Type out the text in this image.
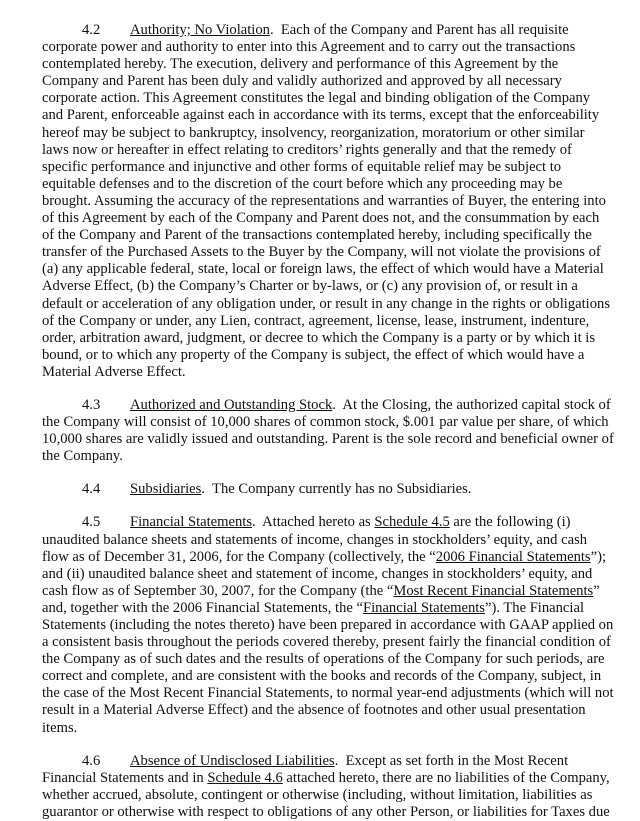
4.2 Authority; No Violation.  Each of the Company and Parent has all requisite corporate power and authority to enter into this Agreement and to carry out the transactions contemplated hereby. The execution, delivery and performance of this Agreement by the Company and Parent has been duly and validly authorized and approved by all necessary corporate action. This Agreement constitutes the legal and binding obligation of the Company and Parent, enforceable against each in accordance with its terms, except that the enforceability hereof may be subject to bankruptcy, insolvency, reorganization, moratorium or other similar laws now or hereafter in effect relating to creditors’ rights generally and that the remedy of specific performance and injunctive and other forms of equitable relief may be subject to equitable defenses and to the discretion of the court before which any proceeding may be brought. Assuming the accuracy of the representations and warranties of Buyer, the entering into of this Agreement by each of the Company and Parent does not, and the consummation by each of the Company and Parent of the transactions contemplated hereby, including specifically the transfer of the Purchased Assets to the Buyer by the Company, will not violate the provisions of (a) any applicable federal, state, local or foreign laws, the effect of which would have a Material Adverse Effect, (b) the Company’s Charter or by-laws, or (c) any provision of, or result in a default or acceleration of any obligation under, or result in any change in the rights or obligations of the Company or under, any Lien, contract, agreement, license, lease, instrument, indenture, order, arbitration award, judgment, or decree to which the Company is a party or by which it is bound, or to which any property of the Company is subject, the effect of which would have a Material Adverse Effect.

4.3 Authorized and Outstanding Stock.  At the Closing, the authorized capital stock of the Company will consist of 10,000 shares of common stock, $.001 par value per share, of which 10,000 shares are validly issued and outstanding. Parent is the sole record and beneficial owner of the Company.

4.4 Subsidiaries.  The Company currently has no Subsidiaries.

4.5 Financial Statements.  Attached hereto as Schedule 4.5 are the following (i) unaudited balance sheets and statements of income, changes in stockholders’ equity, and cash flow as of December 31, 2006, for the Company (collectively, the “2006 Financial Statements”); and (ii) unaudited balance sheet and statement of income, changes in stockholders’ equity, and cash flow as of September 30, 2007, for the Company (the “Most Recent Financial Statements” and, together with the 2006 Financial Statements, the “Financial Statements”). The Financial Statements (including the notes thereto) have been prepared in accordance with GAAP applied on a consistent basis throughout the periods covered thereby, present fairly the financial condition of the Company as of such dates and the results of operations of the Company for such periods, are correct and complete, and are consistent with the books and records of the Company, subject, in the case of the Most Recent Financial Statements, to normal year-end adjustments (which will not result in a Material Adverse Effect) and the absence of footnotes and other usual presentation items.

4.6 Absence of Undisclosed Liabilities.  Except as set forth in the Most Recent Financial Statements and in Schedule 4.6 attached hereto, there are no liabilities of the Company, whether accrued, absolute, contingent or otherwise (including, without limitation, liabilities as guarantor or otherwise with respect to obligations of any other Person, or liabilities for Taxes due
